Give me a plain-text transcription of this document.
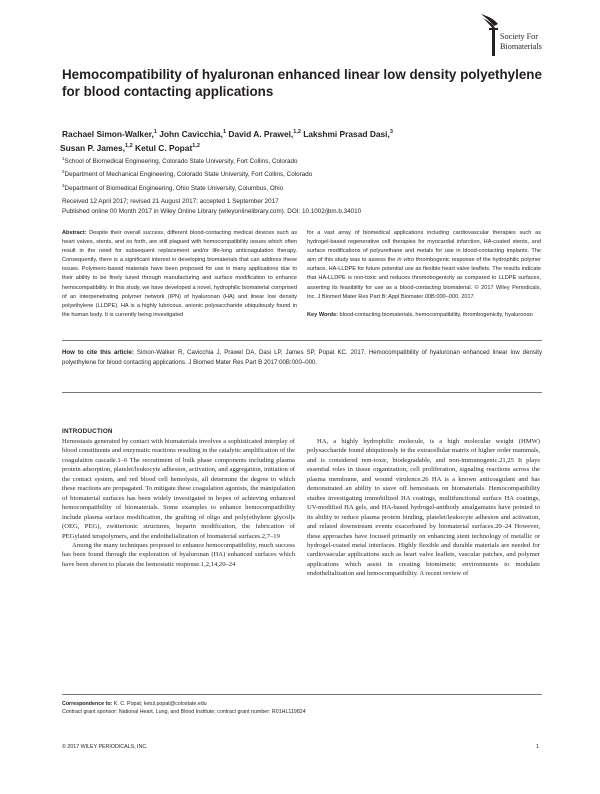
Society For
Biomaterials
Hemocompatibility of hyaluronan enhanced linear low density polyethylene for blood contacting applications
Rachael Simon-Walker,$^1$ John Cavicchia,$^1$ David A. Prawel,$^{1,2}$ Lakshmi Prasad Dasi,$^3$
Susan P. James,$^{1,2}$ Ketul C. Popat$^{1,2}$
$^1$School of Biomedical Engineering, Colorado State University, Fort Collins, Colorado
$^2$Department of Mechanical Engineering, Colorado State University, Fort Collins, Colorado
$^3$Department of Biomedical Engineering, Ohio State University, Columbus, Ohio
Received 12 April 2017; revised 21 August 2017; accepted 1 September 2017
Published online 00 Month 2017 in Wiley Online Library (wileyonlinelibrary.com). DOI: 10.1002/jbm.b.34010
Abstract: Despite their overall success, different blood-contacting medical devices such as heart valves, stents, and so forth, are still plagued with hemocompatibility issues which often result in the need for subsequent replacement and/or life-long anticoagulation therapy. Consequently, there is a significant interest in developing biomaterials that can address these issues. Polymeric-based materials have been proposed for use in many applications due to their ability to be finely tuned through manufacturing and surface modification to enhance hemocompatibility. In this study, we have developed a novel, hydrophilic biomaterial comprised of an interpenetrating polymer network (IPN) of hyaluronan (HA) and linear low density polyethylene (LLDPE). HA is a highly lubricous, anionic polysaccharide ubiquitously found in the human body. It is currently being investigated
for a vast array of biomedical applications including cardiovascular therapies such as hydrogel-based regenerative cell therapies for myocardial infarction, HA-coated stents, and surface modifications of polyurethane and metals for use in blood-contacting implants. The aim of this study was to assess the in vitro thrombogenic response of the hydrophilic polymer surface, HA-LLDPE for future potential use as flexible heart valve leaflets. The results indicate that HA-LLDPE is non-toxic and reduces thromobogenicity as compared to LLDPE surfaces, asserting its feasibility for use as a blood-contacting biomaterial. © 2017 Wiley Periodicals, Inc. J Biomed Mater Res Part B: Appl Biomater 00B:000–000, 2017.
Key Words: blood-contacting biomaterials, hemocompatibility, thrombogenicity, hyaluronan
How to cite this article: Simon-Walker R, Cavicchia J, Prawel DA, Dasi LP, James SP, Popat KC. 2017. Hemocompatibility of hyaluronan enhanced linear low density polyethylene for blood contacting applications. J Biomed Mater Res Part B 2017:00B:000–000.
INTRODUCTION
Hemostasis generated by contact with biomaterials involves a sophisticated interplay of blood constituents and enzymatic reactions resulting in the catalytic amplification of the coagulation cascade.1–6 The recruitment of bulk phase components including plasma protein adsorption, platelet/leukocyte adhesion, activation, and aggregation, initiation of the contact system, and red blood cell hemolysis, all determine the degree to which these reactions are propagated. To mitigate these coagulation agonists, the manipulation of biomaterial surfaces has been widely investigated in hopes of achieving enhanced hemocompatibility of biomaterials. Some examples to enhance hemocompatibility include plasma surface modification, the grafting of oligo and poly(ethylene glycol)s (OEG, PEG), zwitterionic structures, heparin modification, the fabrication of PEGylated terapolymers, and the endothelialization of biomaterial surfaces.2,7–19
Among the many techniques proposed to enhance hemocompatibility, much success has been found through the exploration of hyaluronan (HA) enhanced surfaces which have been shown to placate the hemostatic response.1,2,14,20–24
HA, a highly hydrophilic molecule, is a high molecular weight (HMW) polysaccharide found ubiquitously in the extracellular matrix of higher order mammals, and is considered non-toxic, biodegradable, and non-immunogenic.21,25 It plays essential roles in tissue organization, cell proliferation, signaling reactions across the plasma membrane, and wound virulence.26 HA is a known anticoagulant and has demonstrated an ability to stave off hemostasis on biomaterials. Hemocompatibility studies investigating immobilized HA coatings, multifunctional surface HA coatings, UV-modified HA gels, and HA-based hydrogel-antibody amalgamates have pointed to its ability to reduce plasma protein binding, platelet/leukocyte adhesion and activation, and related downstream events exacerbated by biomaterial surfaces.20–24 However, these approaches have focused primarily on enhancing stent technology of metallic or hydrogel-coated metal interfaces. Highly flexible and durable materials are needed for cardiovascular applications such as heart valve leaflets, vascular patches, and polymer applications which assist in creating biomimetic environments to modulate endothelialization and hemocompatibility. A recent review of
Correspondence to: K. C. Popat; ketul.popat@colostate.edu
Contract grant sponsor: National Heart, Lung, and Blood Institute; contract grant number: R01HL119824
© 2017 WILEY PERIODICALS, INC.	1
